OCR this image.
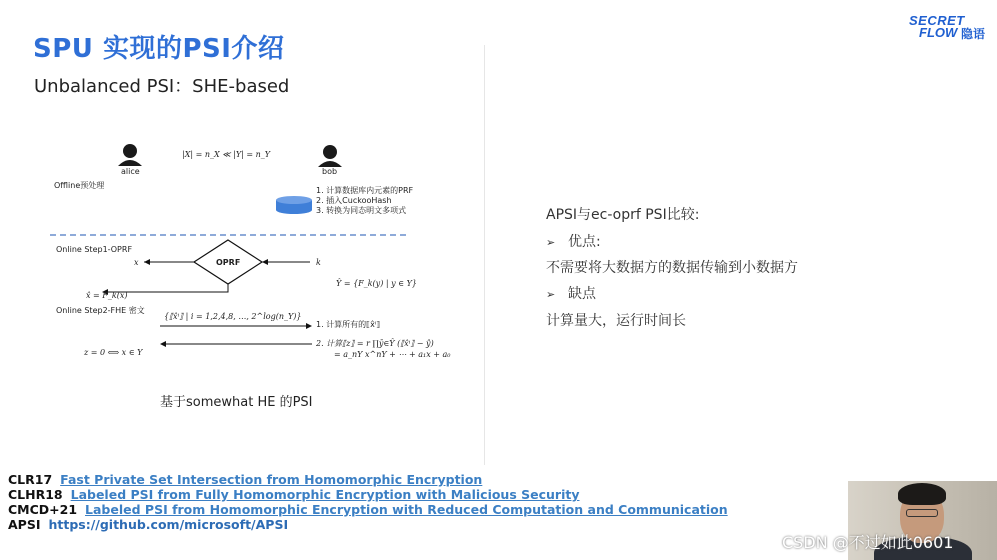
SPU 实现的PSI介绍
Unbalanced PSI：SHE-based
SECRET
FLOW 隐语
alice	bob
|X| = n_X ≪ |Y| = n_Y
Offline预处理
1. 计算数据库内元素的PRF
2. 插入CuckooHash
3. 转换为同态明文多项式
Online Step1-OPRF
OPRF
x	k
Ŷ = {F_k(y) | y ∈ Y}
x̂ = F_k(x)
Online Step2-FHE 密文
{⟦x̂ⁱ⟧ | i = 1,2,4,8, …, 2^log(n_Y)}
1. 计算所有的⟦x̂ⁱ⟧
2. 计算⟦z⟧ = r ∏ȳ∈Ŷ (⟦x̂ⁱ⟧ − ŷ)
= a_nY x^nY + ⋯ + a₁x + a₀
z = 0 ⟺ x ∈ Y
基于somewhat HE 的PSI
APSI与ec-oprf PSI比较:
➢ 优点:
不需要将大数据方的数据传输到小数据方
➢ 缺点
计算量大，运行时间长
CLR17 Fast Private Set Intersection from Homomorphic Encryption
CLHR18 Labeled PSI from Fully Homomorphic Encryption with Malicious Security
CMCD+21 Labeled PSI from Homomorphic Encryption with Reduced Computation and Communication
APSI https://github.com/microsoft/APSI
CSDN @不过如此0601
